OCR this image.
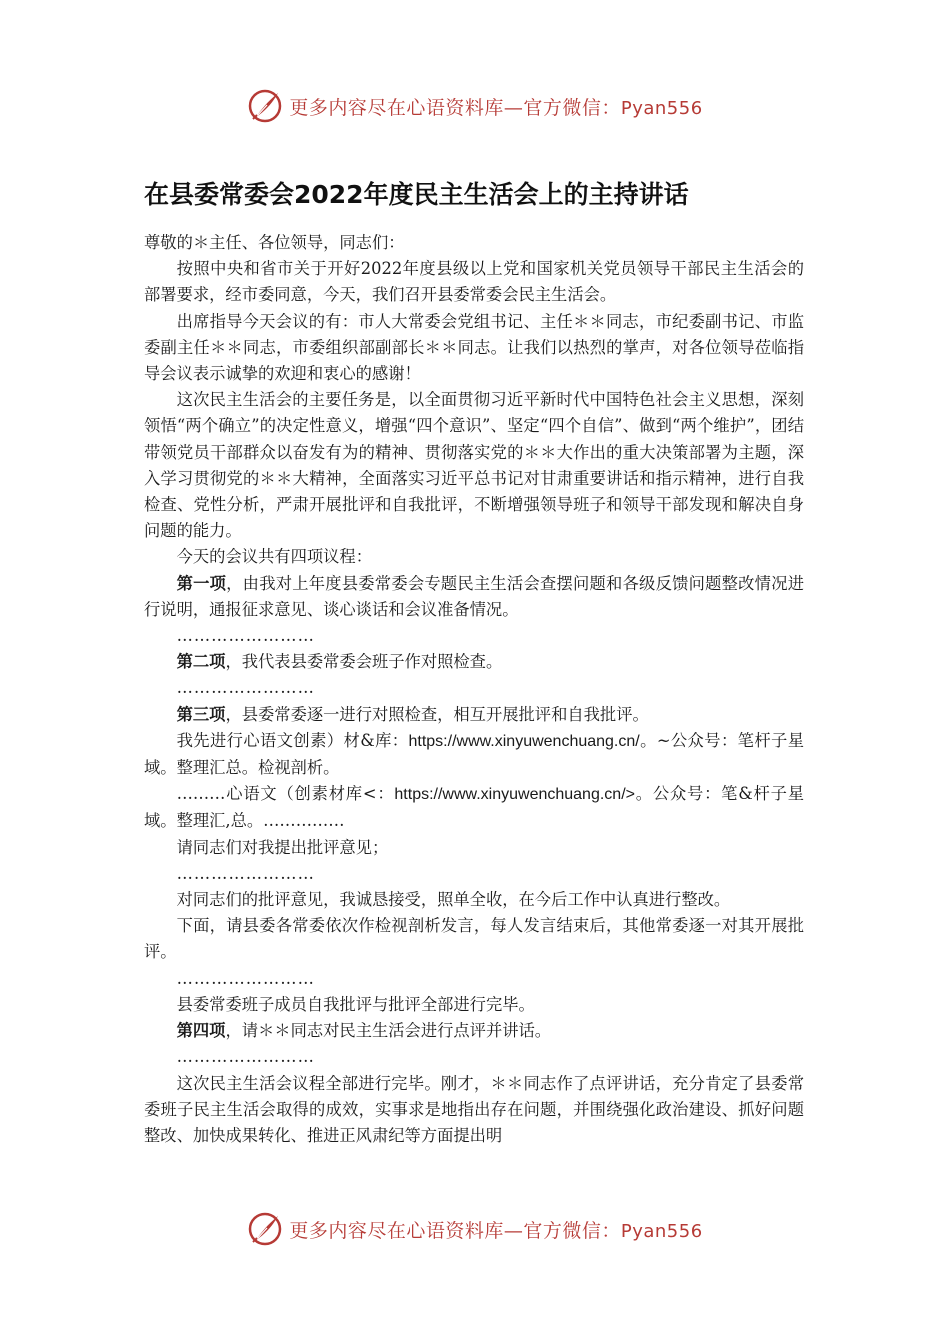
更多内容尽在心语资料库—官方微信：Pyan556
在县委常委会2022年度民主生活会上的主持讲话

尊敬的＊主任、各位领导，同志们：

按照中央和省市关于开好2022年度县级以上党和国家机关党员领导干部民主生活会的部署要求，经市委同意，今天，我们召开县委常委会民主生活会。

出席指导今天会议的有：市人大常委会党组书记、主任＊＊同志，市纪委副书记、市监委副主任＊＊同志，市委组织部副部长＊＊同志。让我们以热烈的掌声，对各位领导莅临指导会议表示诚挚的欢迎和衷心的感谢！

这次民主生活会的主要任务是，以全面贯彻习近平新时代中国特色社会主义思想，深刻领悟“两个确立”的决定性意义，增强“四个意识”、坚定“四个自信”、做到“两个维护”，团结带领党员干部群众以奋发有为的精神、贯彻落实党的＊＊大作出的重大决策部署为主题，深入学习贯彻党的＊＊大精神，全面落实习近平总书记对甘肃重要讲话和指示精神，进行自我检查、党性分析，严肃开展批评和自我批评，不断增强领导班子和领导干部发现和解决自身问题的能力。

今天的会议共有四项议程：

第一项，由我对上年度县委常委会专题民主生活会查摆问题和各级反馈问题整改情况进行说明，通报征求意见、谈心谈话和会议准备情况。

……………………

第二项，我代表县委常委会班子作对照检查。

……………………

第三项，县委常委逐一进行对照检查，相互开展批评和自我批评。

我先进行心语文创素）材&库：https://www.xinyuwenchuang.cn/。~公众号：笔杆子星域。整理汇总。检视剖析。

………心语文（创素材库<：https://www.xinyuwenchuang.cn/>。公众号：笔&杆子星域。整理汇,总。……………

请同志们对我提出批评意见；

……………………

对同志们的批评意见，我诚恳接受，照单全收，在今后工作中认真进行整改。

下面，请县委各常委依次作检视剖析发言，每人发言结束后，其他常委逐一对其开展批评。

……………………

县委常委班子成员自我批评与批评全部进行完毕。

第四项，请＊＊同志对民主生活会进行点评并讲话。

……………………

这次民主生活会议程全部进行完毕。刚才，＊＊同志作了点评讲话，充分肯定了县委常委班子民主生活会取得的成效，实事求是地指出存在问题，并围绕强化政治建设、抓好问题整改、加快成果转化、推进正风肃纪等方面提出明

更多内容尽在心语资料库—官方微信：Pyan556
